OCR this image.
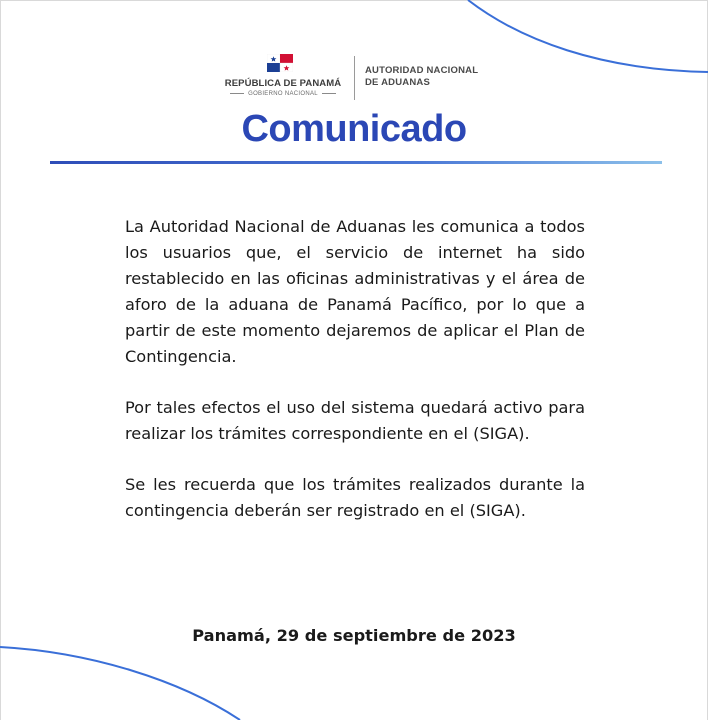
REPÚBLICA DE PANAMÁ
GOBIERNO NACIONAL
AUTORIDAD NACIONAL
DE ADUANAS
Comunicado

La Autoridad Nacional de Aduanas les comunica a todos los usuarios que, el servicio de internet ha sido restablecido en las oficinas administrativas y el área de aforo de la aduana de Panamá Pacífico, por lo que a partir de este momento dejaremos de aplicar el Plan de Contingencia.

Por tales efectos el uso del sistema quedará activo para realizar los trámites correspondiente en el (SIGA).

Se les recuerda que los trámites realizados durante la contingencia deberán ser registrado en el (SIGA).

Panamá, 29 de septiembre de 2023
